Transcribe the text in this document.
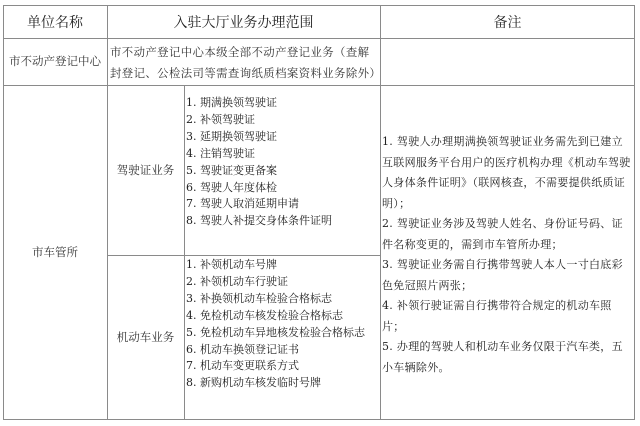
单位名称	入驻大厅业务办理范围	备注
市不动产登记中心
市不动产登记中心本级全部不动产登记业务（查解封登记、公检法司等需查询纸质档案资料业务除外）
市车管所
驾驶证业务
1. 期满换领驾驶证
2. 补领驾驶证
3. 延期换领驾驶证
4. 注销驾驶证
5. 驾驶证变更备案
6. 驾驶人年度体检
7. 驾驶人取消延期申请
8. 驾驶人补提交身体条件证明
机动车业务
1. 补领机动车号牌
2. 补领机动车行驶证
3. 补换领机动车检验合格标志
4. 免检机动车核发检验合格标志
5. 免检机动车异地核发检验合格标志
6. 机动车换领登记证书
7. 机动车变更联系方式
8. 新购机动车核发临时号牌

1. 驾驶人办理期满换领驾驶证业务需先到已建立互联网服务平台用户的医疗机构办理《机动车驾驶人身体条件证明》（联网核查，不需要提供纸质证明）；

2. 驾驶证业务涉及驾驶人姓名、身份证号码、证件名称变更的，需到市车管所办理；

3. 驾驶证业务需自行携带驾驶人本人一寸白底彩色免冠照片两张；

4. 补领行驶证需自行携带符合规定的机动车照片；

5. 办理的驾驶人和机动车业务仅限于汽车类，五小车辆除外。
